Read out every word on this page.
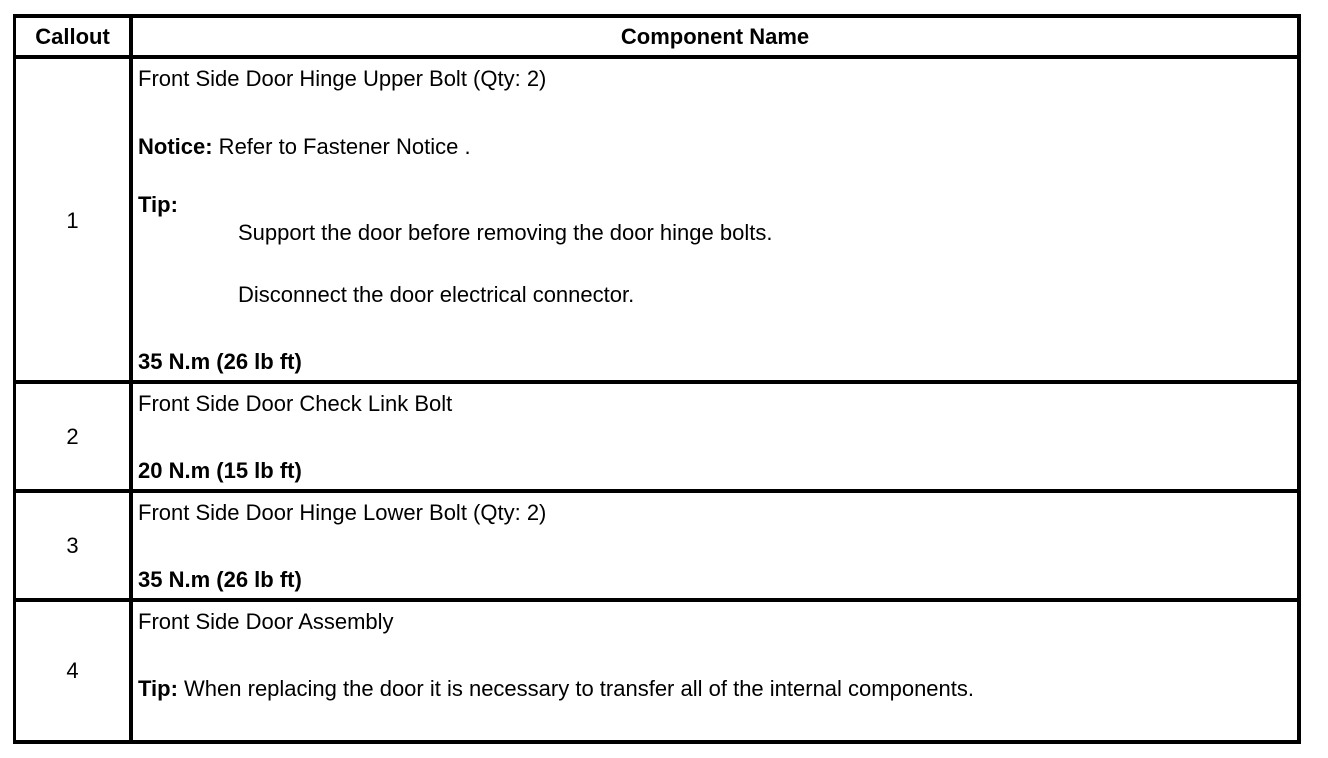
Callout	Component Name
1
Front Side Door Hinge Upper Bolt (Qty: 2)
Notice: Refer to Fastener Notice .
Tip:
Support the door before removing the door hinge bolts.
Disconnect the door electrical connector.
35 N.m (26 lb ft)
2
Front Side Door Check Link Bolt
20 N.m (15 lb ft)
3
Front Side Door Hinge Lower Bolt (Qty: 2)
35 N.m (26 lb ft)
4
Front Side Door Assembly
Tip: When replacing the door it is necessary to transfer all of the internal components.
